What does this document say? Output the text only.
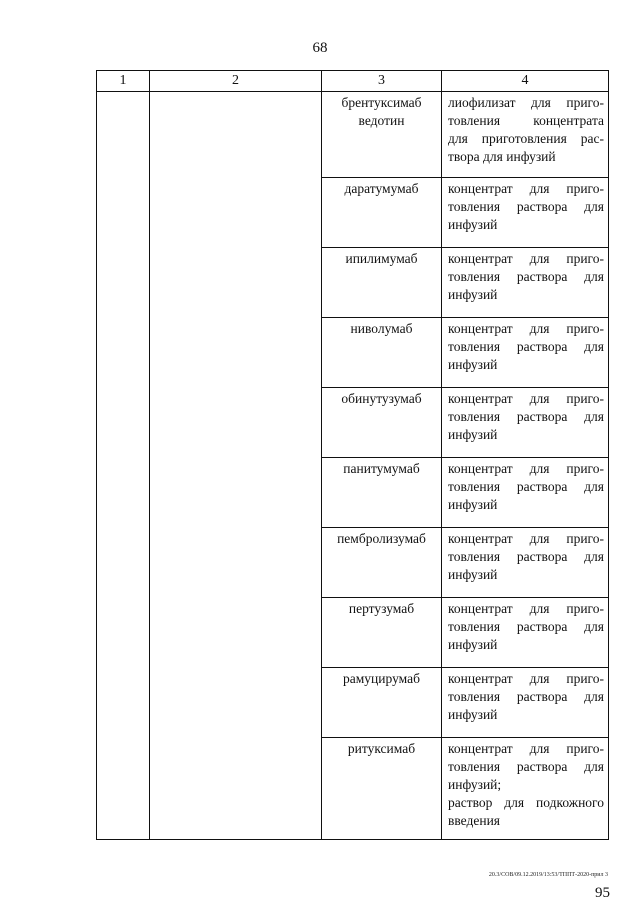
68
1	2	3	4

		брентуксимаб
ведотин	лиофилизат для приго-
товления концентрата
для приготовления рас-
твора для инфузий

		даратумумаб	концентрат для приго-
товления раствора для
инфузий

		ипилимумаб	концентрат для приго-
товления раствора для
инфузий

		ниволумаб	концентрат для приго-
товления раствора для
инфузий

		обинутузумаб	концентрат для приго-
товления раствора для
инфузий

		панитумумаб	концентрат для приго-
товления раствора для
инфузий

		пембролизумаб	концентрат для приго-
товления раствора для
инфузий

		пертузумаб	концентрат для приго-
товления раствора для
инфузий

		рамуцирумаб	концентрат для приго-
товления раствора для
инфузий

		ритуксимаб	концентрат для приго-
товления раствора для
инфузий;
раствор для подкожного
введения
20.3/СОВ/09.12.2019/13:53/ТППТ-2020-прил 3
95
